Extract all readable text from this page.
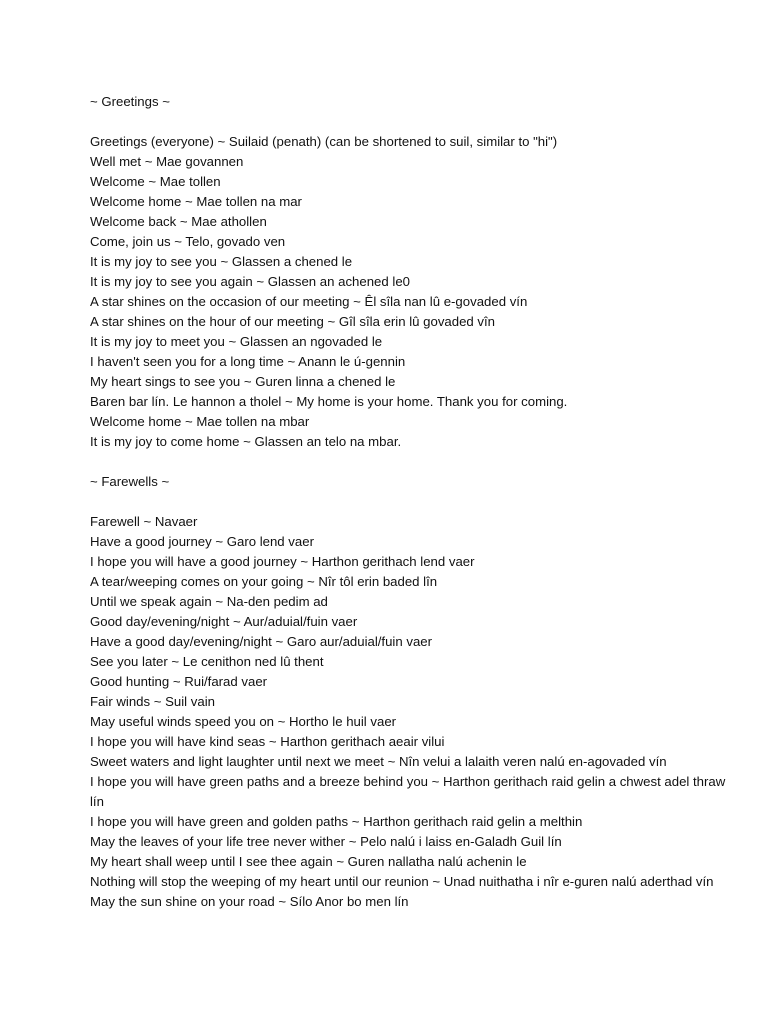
~ Greetings ~
Greetings (everyone) ~ Suilaid (penath) (can be shortened to suil, similar to "hi")
Well met ~ Mae govannen
Welcome ~ Mae tollen
Welcome home ~ Mae tollen na mar
Welcome back ~ Mae athollen
Come, join us ~ Telo, govado ven
It is my joy to see you ~ Glassen a chened le
It is my joy to see you again ~ Glassen an achened le0
A star shines on the occasion of our meeting ~ Êl sîla nan lû e-govaded vín
A star shines on the hour of our meeting ~ Gîl sîla erin lû govaded vîn
It is my joy to meet you ~ Glassen an ngovaded le
I haven't seen you for a long time ~ Anann le ú-gennin
My heart sings to see you ~ Guren linna a chened le
Baren bar lín. Le hannon a tholel ~ My home is your home. Thank you for coming.
Welcome home ~ Mae tollen na mbar
It is my joy to come home ~ Glassen an telo na mbar.
~ Farewells ~
Farewell ~ Navaer
Have a good journey ~ Garo lend vaer
I hope you will have a good journey ~ Harthon gerithach lend vaer
A tear/weeping comes on your going ~ Nîr tôl erin baded lîn
Until we speak again ~ Na-den pedim ad
Good day/evening/night ~ Aur/aduial/fuin vaer
Have a good day/evening/night ~ Garo aur/aduial/fuin vaer
See you later ~ Le cenithon ned lû thent
Good hunting ~ Rui/farad vaer
Fair winds ~ Suil vain
May useful winds speed you on ~ Hortho le huil vaer
I hope you will have kind seas ~ Harthon gerithach aeair vilui
Sweet waters and light laughter until next we meet ~ Nîn velui a lalaith veren nalú en-agovaded vín
I hope you will have green paths and a breeze behind you ~ Harthon gerithach raid gelin a chwest adel thraw lín
I hope you will have green and golden paths ~ Harthon gerithach raid gelin a melthin
May the leaves of your life tree never wither ~ Pelo nalú i laiss en-Galadh Guil lín
My heart shall weep until I see thee again ~ Guren nallatha nalú achenin le
Nothing will stop the weeping of my heart until our reunion ~ Unad nuithatha i nîr e-guren nalú aderthad vín
May the sun shine on your road ~ Sílo Anor bo men lín
